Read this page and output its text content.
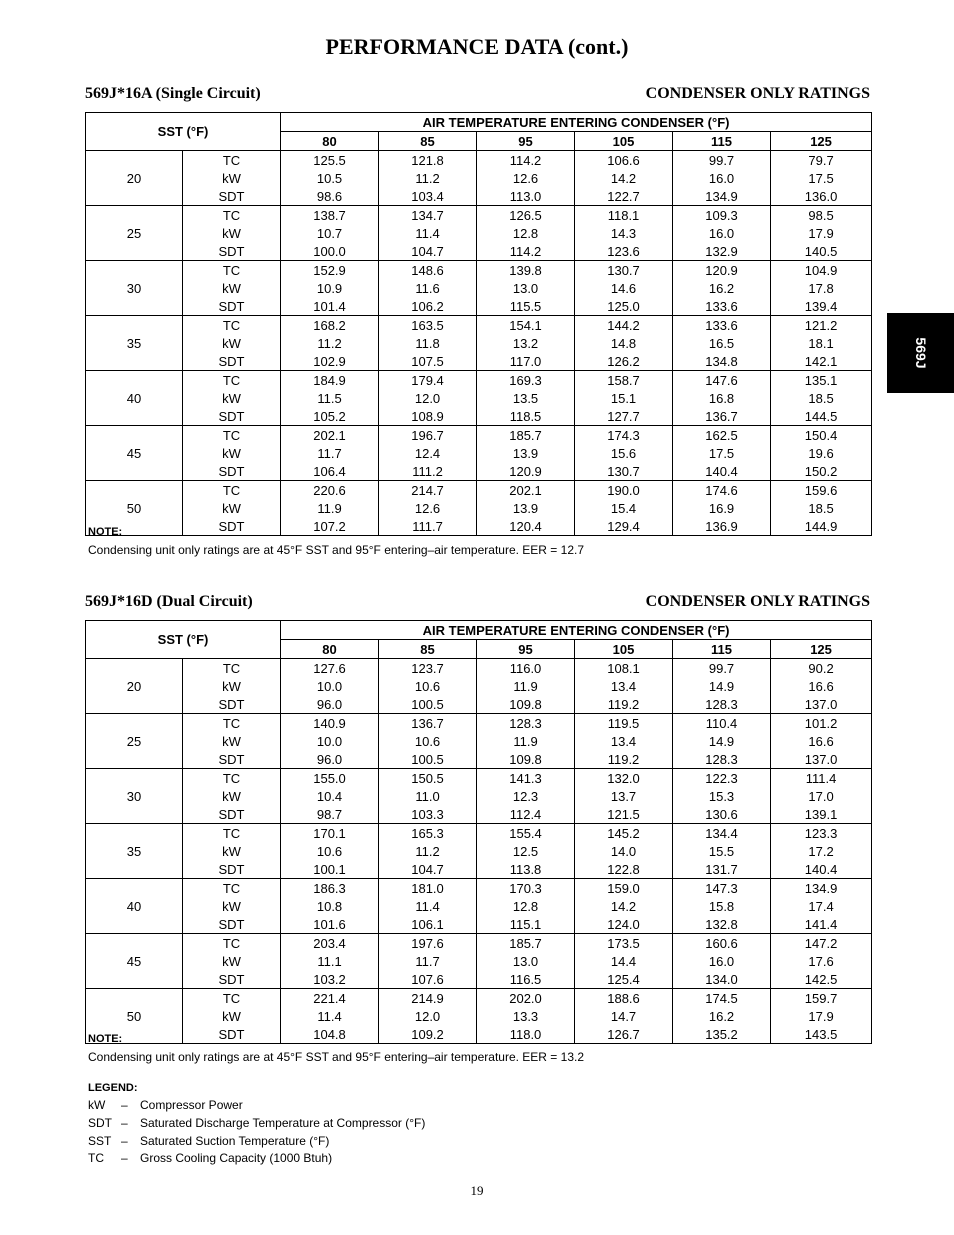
PERFORMANCE DATA (cont.)
569J
569J*16A (Single Circuit)	CONDENSER ONLY RATINGS
SST (°F)		AIR TEMPERATURE ENTERING CONDENSER (°F)					
		80	85	95	105	115	125
20	TC	125.5	121.8	114.2	106.6	99.7	79.7
	kW	10.5	11.2	12.6	14.2	16.0	17.5
	SDT	98.6	103.4	113.0	122.7	134.9	136.0
25	TC	138.7	134.7	126.5	118.1	109.3	98.5
	kW	10.7	11.4	12.8	14.3	16.0	17.9
	SDT	100.0	104.7	114.2	123.6	132.9	140.5
30	TC	152.9	148.6	139.8	130.7	120.9	104.9
	kW	10.9	11.6	13.0	14.6	16.2	17.8
	SDT	101.4	106.2	115.5	125.0	133.6	139.4
35	TC	168.2	163.5	154.1	144.2	133.6	121.2
	kW	11.2	11.8	13.2	14.8	16.5	18.1
	SDT	102.9	107.5	117.0	126.2	134.8	142.1
40	TC	184.9	179.4	169.3	158.7	147.6	135.1
	kW	11.5	12.0	13.5	15.1	16.8	18.5
	SDT	105.2	108.9	118.5	127.7	136.7	144.5
45	TC	202.1	196.7	185.7	174.3	162.5	150.4
	kW	11.7	12.4	13.9	15.6	17.5	19.6
	SDT	106.4	111.2	120.9	130.7	140.4	150.2
50	TC	220.6	214.7	202.1	190.0	174.6	159.6
	kW	11.9	12.6	13.9	15.4	16.9	18.5
	SDT	107.2	111.7	120.4	129.4	136.9	144.9
NOTE:
Condensing unit only ratings are at 45°F SST and 95°F entering–air temperature. EER = 12.7
569J*16D (Dual Circuit)	CONDENSER ONLY RATINGS
SST (°F)		AIR TEMPERATURE ENTERING CONDENSER (°F)					
		80	85	95	105	115	125
20	TC	127.6	123.7	116.0	108.1	99.7	90.2
	kW	10.0	10.6	11.9	13.4	14.9	16.6
	SDT	96.0	100.5	109.8	119.2	128.3	137.0
25	TC	140.9	136.7	128.3	119.5	110.4	101.2
	kW	10.0	10.6	11.9	13.4	14.9	16.6
	SDT	96.0	100.5	109.8	119.2	128.3	137.0
30	TC	155.0	150.5	141.3	132.0	122.3	111.4
	kW	10.4	11.0	12.3	13.7	15.3	17.0
	SDT	98.7	103.3	112.4	121.5	130.6	139.1
35	TC	170.1	165.3	155.4	145.2	134.4	123.3
	kW	10.6	11.2	12.5	14.0	15.5	17.2
	SDT	100.1	104.7	113.8	122.8	131.7	140.4
40	TC	186.3	181.0	170.3	159.0	147.3	134.9
	kW	10.8	11.4	12.8	14.2	15.8	17.4
	SDT	101.6	106.1	115.1	124.0	132.8	141.4
45	TC	203.4	197.6	185.7	173.5	160.6	147.2
	kW	11.1	11.7	13.0	14.4	16.0	17.6
	SDT	103.2	107.6	116.5	125.4	134.0	142.5
50	TC	221.4	214.9	202.0	188.6	174.5	159.7
	kW	11.4	12.0	13.3	14.7	16.2	17.9
	SDT	104.8	109.2	118.0	126.7	135.2	143.5
NOTE:
Condensing unit only ratings are at 45°F SST and 95°F entering–air temperature. EER = 13.2
LEGEND:
kW – Compressor Power
SDT – Saturated Discharge Temperature at Compressor (°F)
SST – Saturated Suction Temperature (°F)
TC – Gross Cooling Capacity (1000 Btuh)
19
